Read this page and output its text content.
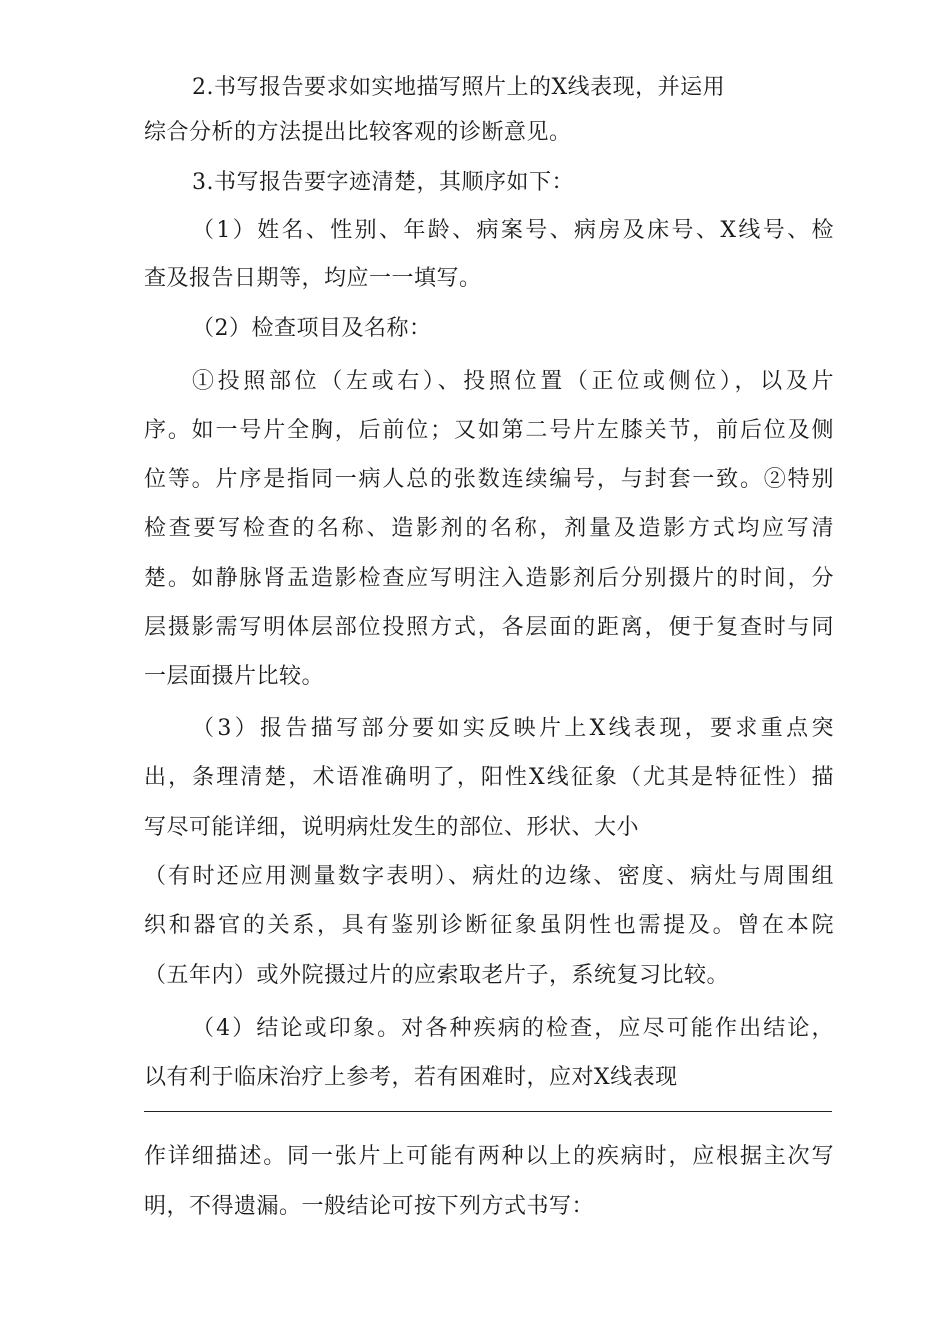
2.书写报告要求如实地描写照片上的X线表现，并运用
综合分析的方法提出比较客观的诊断意见。
3.书写报告要字迹清楚，其顺序如下：
（1）姓名、性别、年龄、病案号、病房及床号、X线号、检
查及报告日期等，均应一一填写。
（2）检查项目及名称：
①投照部位（左或右）、投照位置（正位或侧位），以及片
序。如一号片全胸，后前位；又如第二号片左膝关节，前后位及侧
位等。片序是指同一病人总的张数连续编号，与封套一致。②特别
检查要写检查的名称、造影剂的名称，剂量及造影方式均应写清
楚。如静脉肾盂造影检查应写明注入造影剂后分别摄片的时间，分
层摄影需写明体层部位投照方式，各层面的距离，便于复查时与同
一层面摄片比较。
（3）报告描写部分要如实反映片上X线表现，要求重点突
出，条理清楚，术语准确明了，阳性X线征象（尤其是特征性）描
写尽可能详细，说明病灶发生的部位、形状、大小
（有时还应用测量数字表明）、病灶的边缘、密度、病灶与周围组
织和器官的关系，具有鉴别诊断征象虽阴性也需提及。曾在本院
（五年内）或外院摄过片的应索取老片子，系统复习比较。
（4）结论或印象。对各种疾病的检查，应尽可能作出结论，
以有利于临床治疗上参考，若有困难时，应对X线表现
作详细描述。同一张片上可能有两种以上的疾病时，应根据主次写
明，不得遗漏。一般结论可按下列方式书写：
